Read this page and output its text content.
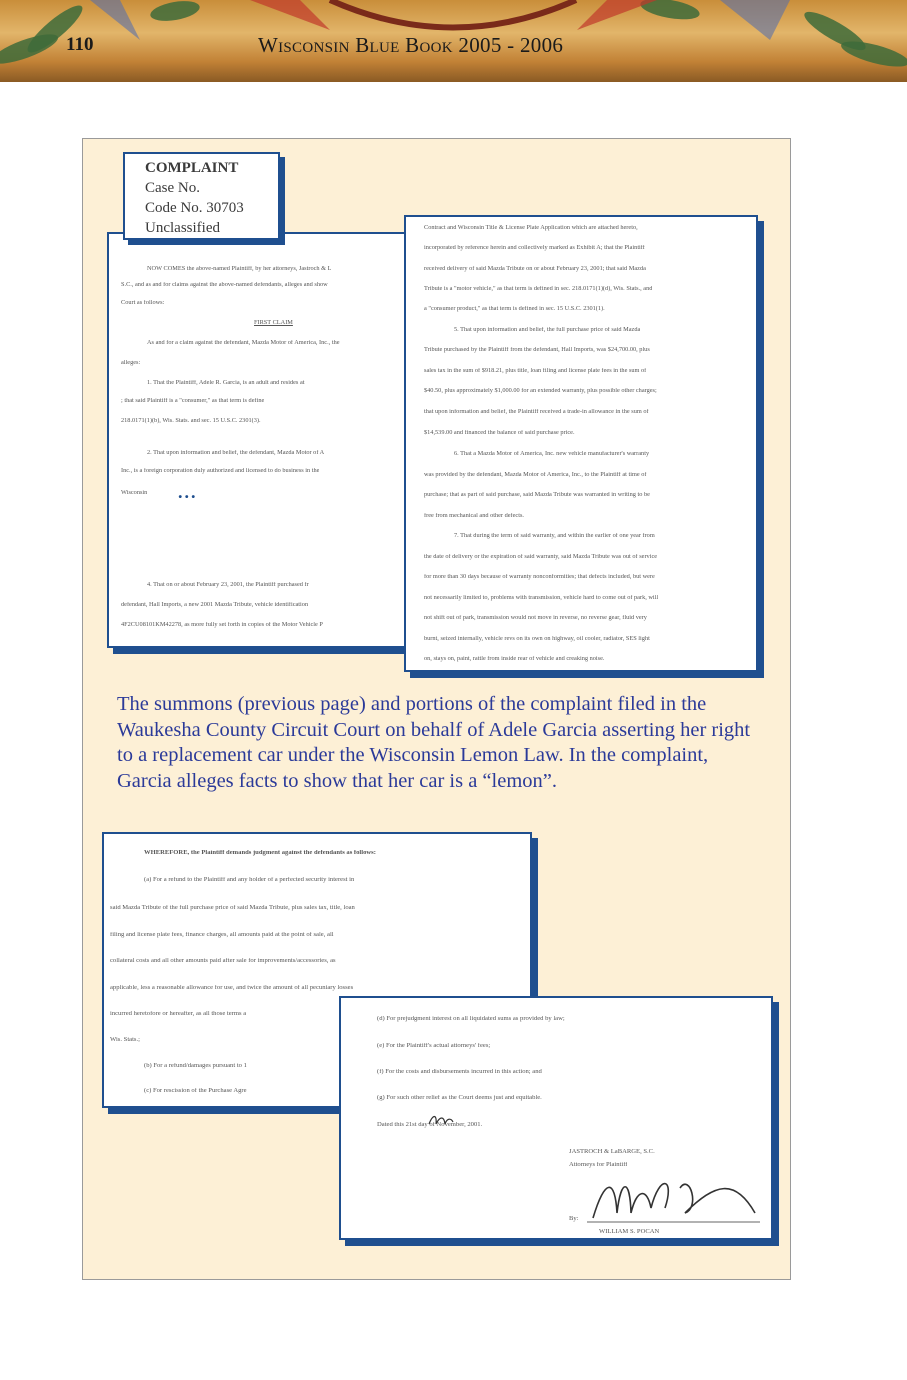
110	Wisconsin Blue Book 2005 - 2006
NOW COMES the above-named Plaintiff, by her attorneys, Jastroch & L
S.C., and as and for claims against the above-named defendants, alleges and show
Court as follows:
FIRST CLAIM
As and for a claim against the defendant, Mazda Motor of America, Inc., the
alleges:
1. That the Plaintiff, Adele R. Garcia, is an adult and resides at
; that said Plaintiff is a "consumer," as that term is define
218.0171(1)(b), Wis. Stats. and sec. 15 U.S.C. 2301(3).
2. That upon information and belief, the defendant, Mazda Motor of A
Inc., is a foreign corporation duly authorized and licensed to do business in the
Wisconsin
4. That on or about February 23, 2001, the Plaintiff purchased fr
defendant, Hall Imports, a new 2001 Mazda Tribute, vehicle identification
4F2CU08101KM42278, as more fully set forth in copies of the Motor Vehicle P
...
COMPLAINT
Case No.
Code No. 30703
Unclassified	Contract and Wisconsin Title & License Plate Application which are attached hereto,
incorporated by reference herein and collectively marked as Exhibit A; that the Plaintiff
received delivery of said Mazda Tribute on or about February 23, 2001; that said Mazda
Tribute is a "motor vehicle," as that term is defined in sec. 218.0171(1)(d), Wis. Stats., and
a "consumer product," as that term is defined in sec. 15 U.S.C. 2301(1).
5. That upon information and belief, the full purchase price of said Mazda
Tribute purchased by the Plaintiff from the defendant, Hall Imports, was $24,700.00, plus
sales tax in the sum of $918.21, plus title, loan filing and license plate fees in the sum of
$40.50, plus approximately $1,000.00 for an extended warranty, plus possible other charges;
that upon information and belief, the Plaintiff received a trade-in allowance in the sum of
$14,539.00 and financed the balance of said purchase price.
6. That a Mazda Motor of America, Inc. new vehicle manufacturer's warranty
was provided by the defendant, Mazda Motor of America, Inc., to the Plaintiff at time of
purchase; that as part of said purchase, said Mazda Tribute was warranted in writing to be
free from mechanical and other defects.
7. That during the term of said warranty, and within the earlier of one year from
the date of delivery or the expiration of said warranty, said Mazda Tribute was out of service
for more than 30 days because of warranty nonconformities; that defects included, but were
not necessarily limited to, problems with transmission, vehicle hard to come out of park, will
not shift out of park, transmission would not move in reverse, no reverse gear, fluid very
burnt, seized internally, vehicle revs on its own on highway, oil cooler, radiator, SES light
on, stays on, paint, rattle from inside rear of vehicle and creaking noise.
The summons (previous page) and portions of the complaint filed in the Waukesha County Circuit Court on behalf of Adele Garcia asserting her right to a replacement car under the Wisconsin Lemon Law. In the complaint, Garcia alleges facts to show that her car is a “lemon”.
WHEREFORE, the Plaintiff demands judgment against the defendants as follows:
(a) For a refund to the Plaintiff and any holder of a perfected security interest in
said Mazda Tribute of the full purchase price of said Mazda Tribute, plus sales tax, title, loan
filing and license plate fees, finance charges, all amounts paid at the point of sale, all
collateral costs and all other amounts paid after sale for improvements/accessories, as
applicable, less a reasonable allowance for use, and twice the amount of all pecuniary losses
incurred heretofore or hereafter, as all those terms a
Wis. Stats.;
(b) For a refund/damages pursuant to 1
(c) For rescission of the Purchase Agre
(d) For prejudgment interest on all liquidated sums as provided by law;
(e) For the Plaintiff's actual attorneys' fees;
(f) For the costs and disbursements incurred in this action; and
(g) For such other relief as the Court deems just and equitable.
Dated this 21st day of November, 2001.
JASTROCH & LaBARGE, S.C.
Attorneys for Plaintiff
By:
WILLIAM S. POCAN
